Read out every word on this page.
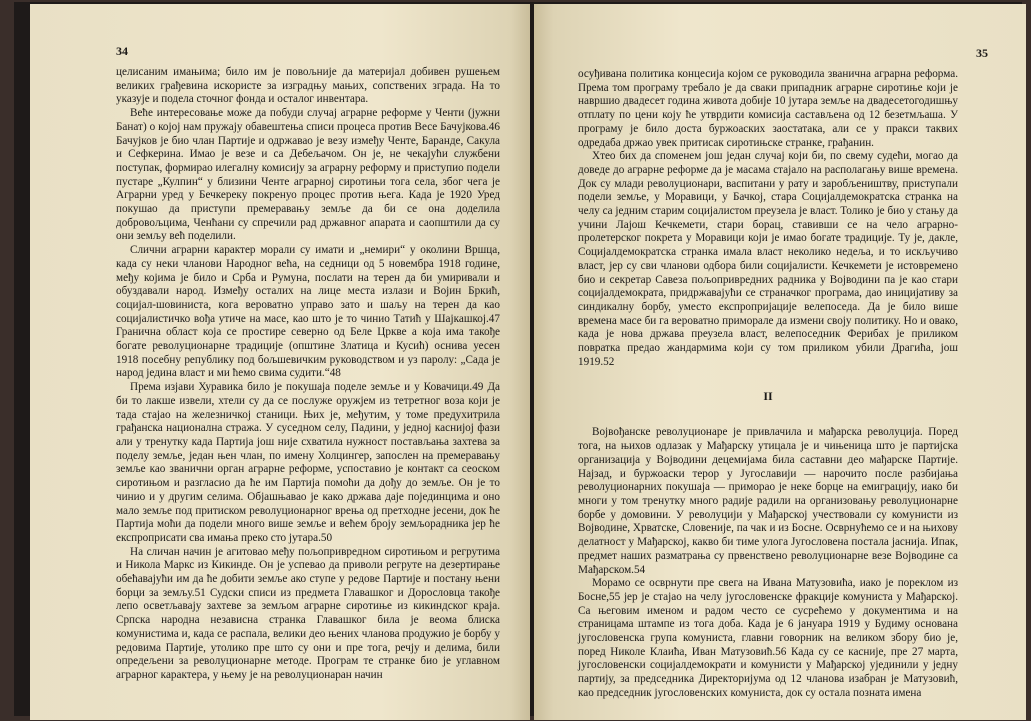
34

целисаним имањима; било им је повољније да материјал добивен рушењем великих грађевина искористе за изградњу мањих, сопствених зграда. На то указује и подела сточног фонда и осталог инвентара.

Веће интересовање може да побуди случај аграрне реформе у Ченти (јужни Банат) о којој нам пружају обавештења списи процеса против Весе Бачујкова.46 Бачујков је био члан Партије и одржавао је везу између Ченте, Баранде, Сакула и Сефкерина. Имао је везе и са Дебељачом. Он је, не чекајући службени поступак, формирао илегалну комисију за аграрну реформу и приступио подели пустаре „Кулпин“ у близини Ченте аграрној сиротињи тога села, због чега је Аграрни уред у Бечкереку покренуо процес против њега. Када је 1920 Уред покушао да приступи премеравању земље да би се она доделила добровољцима, Ченћани су спречили рад државног апарата и саопштили да су они земљу већ поделили.

Слични аграрни карактер морали су имати и „немири“ у околини Вршца, када су неки чланови Народног већа, на седници од 5 новембра 1918 године, међу којима је било и Срба и Румуна, послати на терен да би умиривали и обуздавали народ. Између осталих на лице места излази и Војин Бркић, социјал-шовиниста, кога вероватно управо зато и шаљу на терен да као социјалистичко вођа утиче на масе, као што је то чинио Татић у Шајкашкој.47 Гранична област која се простире северно од Беле Цркве а која има такође богате револуционарне традиције (општине Златица и Кусић) оснива уесен 1918 посебну републику под бољшевичким руководством и уз паролу: „Сада је народ једина власт и ми ћемо свима судити.“48

Према изјави Хуравика било је покушаја поделе земље и у Ковачици.49 Да би то лакше извели, хтели су да се послуже оружјем из тетретног воза који је тада стајао на железничкој станици. Њих је, међутим, у томе предухитрила грађанска национална стража. У суседном селу, Падини, у једној каснијој фази али у тренутку када Партија још није схватила нужност постављања захтева за поделу земље, један њен члан, по имену Холцингер, запослен на премеравању земље као званични орган аграрне реформе, успоставио је контакт са сеоском сиротињом и разгласио да ће им Партија помоћи да дођу до земље. Он је то чинио и у другим селима. Објашњавао је како држава даје појединцима и оно мало земље под притиском револуционарног врења од претходне јесени, док ће Партија моћи да подели много више земље и већем броју земљорадника јер ће експроприсати сва имања преко сто јутара.50

На сличан начин је агитовао међу пољопривредном сиротињом и регрутима и Никола Маркс из Кикинде. Он је успевао да приволи регруте на дезертирање обећавајући им да ће добити земље ако ступе у редове Партије и постану њени борци за земљу.51 Судски списи из предмета Главашког и Дорословца такође лепо осветљавају захтеве за земљом аграрне сиротиње из кикиндског краја. Српска народна независна странка Главашког била је веома блиска комунистима и, када се распала, велики део њених чланова продужио је борбу у редовима Партије, утолико пре што су они и пре тога, речју и делима, били опредељени за револуционарне методе. Програм те странке био је углавном аграрног карактера, у њему је на револуционаран начин

35

осуђивана политика концесија којом се руководила званична аграрна реформа. Према том програму требало је да сваки припадник аграрне сиротиње који је навршио двадесет година живота добије 10 јутара земље на двадесетогодишњу отплату по цени коју ће утврдити комисија састављена од 12 безетмљаша. У програму је било доста буржоаских заостатака, али се у пракси таквих одредаба држао увек притисак сиротињске странке, грађанин.

Хтео бих да споменем још један случај који би, по свему судећи, могао да доведе до аграрне реформе да је масама стајало на располагању више времена. Док су млади револуционари, васпитани у рату и заробљеништву, приступали подели земље, у Моравици, у Бачкој, стара Социјалдемократска странка на челу са једним старим социјалистом преузела је власт. Толико је био у стању да учини Лајош Кечкемети, стари борац, ставивши се на чело аграрно-пролетерског покрета у Моравици који је имао богате традиције. Ту је, дакле, Социјалдемократска странка имала власт неколико недеља, и то искључиво власт, јер су сви чланови одбора били социјалисти. Кечкемети је истовремено био и секретар Савеза пољопривредних радника у Војводини па је као стари социјалдемократа, придржавајући се страначког програма, дао иницијативу за синдикалну борбу, уместо експропријације велепоседа. Да је било више времена масе би га вероватно приморале да измени своју политику. Но и овако, када је нова држава преузела власт, велепоседник Ферибах је приликом повратка предао жандармима који су том приликом убили Драгића, још 1919.52

II

Војвођанске револуционаре је привлачила и мађарска револуција. Поред тога, на њихов одлазак у Мађарску утицала је и чињеница што је партијска организација у Војводини децемијама била саставни део мађарске Партије. Најзад, и буржоаски терор у Југославији — нарочито после разбијања револуционарних покушаја — приморао је неке борце на емиграцију, иако би многи у том тренутку много радије радили на организовању револуционарне борбе у домовини. У револуцији у Мађарској учествовали су комунисти из Војводине, Хрватске, Словеније, па чак и из Босне. Осврнућемо се и на њихову делатност у Мађарској, какво би тиме улога Југословена постала јаснија. Ипак, предмет наших разматрања су првенствено револуционарне везе Војводине са Мађарском.54

Морамо се осврнути пре свега на Ивана Матузовића, иако је пореклом из Босне,55 јер је стајао на челу југословенске фракције комуниста у Мађарској. Са његовим именом и радом често се сусрећемо у документима и на страницама штампе из тога доба. Када је 6 јануара 1919 у Будиму основана југословенска група комуниста, главни говорник на великом збору био је, поред Николе Клаића, Иван Матузовић.56 Када су се касније, пре 27 марта, југословенски социјалдемократи и комунисти у Мађарској ујединили у једну партију, за председника Директоријума од 12 чланова изабран је Матузовић, као председник југословенских комуниста, док су остала позната имена
